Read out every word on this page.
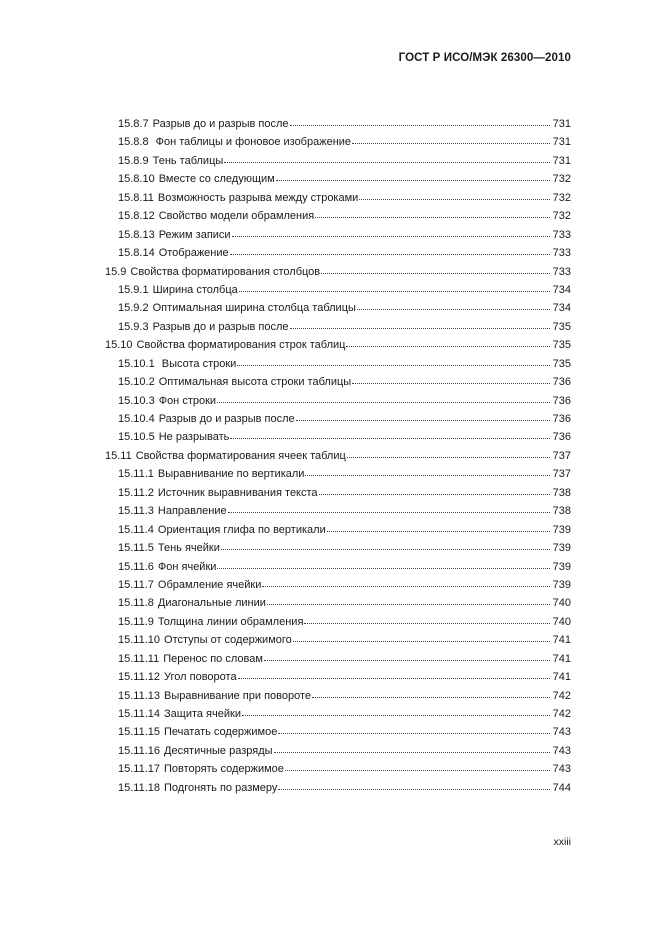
ГОСТ Р ИСО/МЭК 26300—2010
15.8.7 Разрыв до и разрыв после	731
15.8.8 Фон таблицы и фоновое изображение	731
15.8.9 Тень таблицы	731
15.8.10 Вместе со следующим	732
15.8.11 Возможность разрыва между строками	732
15.8.12 Свойство модели обрамления	732
15.8.13 Режим записи	733
15.8.14 Отображение	733
15.9 Свойства форматирования столбцов	733
15.9.1 Ширина столбца	734
15.9.2 Оптимальная ширина столбца таблицы	734
15.9.3 Разрыв до и разрыв после	735
15.10 Свойства форматирования строк таблиц	735
15.10.1 Высота строки	735
15.10.2 Оптимальная высота строки таблицы	736
15.10.3 Фон строки	736
15.10.4 Разрыв до и разрыв после	736
15.10.5 Не разрывать	736
15.11 Свойства форматирования ячеек таблиц	737
15.11.1 Выравнивание по вертикали	737
15.11.2 Источник выравнивания текста	738
15.11.3 Направление	738
15.11.4 Ориентация глифа по вертикали	739
15.11.5 Тень ячейки	739
15.11.6 Фон ячейки	739
15.11.7 Обрамление ячейки	739
15.11.8 Диагональные линии	740
15.11.9 Толщина линии обрамления	740
15.11.10 Отступы от содержимого	741
15.11.11 Перенос по словам	741
15.11.12 Угол поворота	741
15.11.13 Выравнивание при повороте	742
15.11.14 Защита ячейки	742
15.11.15 Печатать содержимое	743
15.11.16 Десятичные разряды	743
15.11.17 Повторять содержимое	743
15.11.18 Подгонять по размеру	744
xxiii
